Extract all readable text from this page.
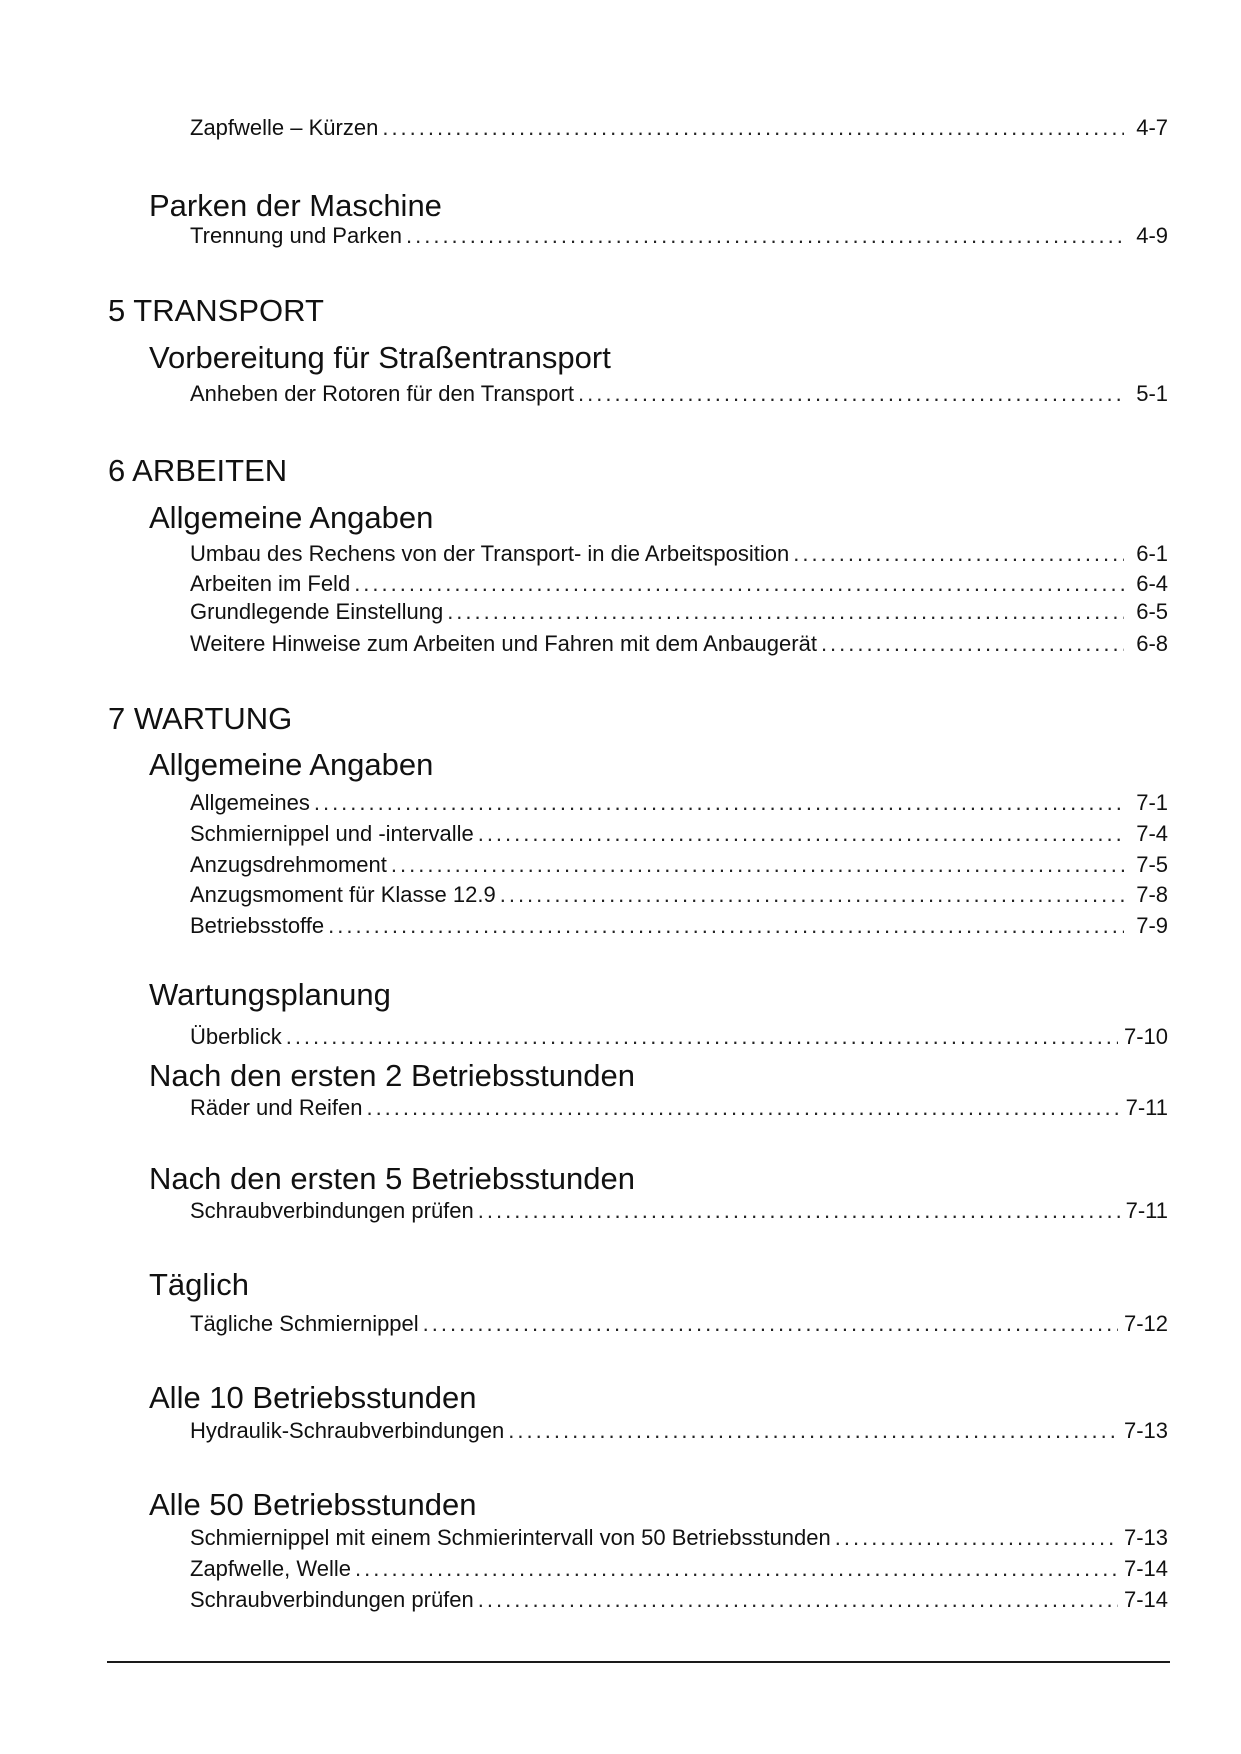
Zapfwelle – Kürzen .....	4-7
Parken der Maschine
Trennung und Parken .....	4-9
5 TRANSPORT
Vorbereitung für Straßentransport
Anheben der Rotoren für den Transport .....	5-1
6 ARBEITEN
Allgemeine Angaben
Umbau des Rechens von der Transport- in die Arbeitsposition .....	6-1
Arbeiten im Feld .....	6-4
Grundlegende Einstellung .....	6-5
Weitere Hinweise zum Arbeiten und Fahren mit dem Anbaugerät .....	6-8
7 WARTUNG
Allgemeine Angaben
Allgemeines .....	7-1
Schmiernippel und -intervalle .....	7-4
Anzugsdrehmoment .....	7-5
Anzugsmoment für Klasse 12.9 .....	7-8
Betriebsstoffe .....	7-9
Wartungsplanung
Überblick .....	7-10
Nach den ersten 2 Betriebsstunden
Räder und Reifen .....	7-11
Nach den ersten 5 Betriebsstunden
Schraubverbindungen prüfen .....	7-11
Täglich
Tägliche Schmiernippel .....	7-12
Alle 10 Betriebsstunden
Hydraulik-Schraubverbindungen .....	7-13
Alle 50 Betriebsstunden
Schmiernippel mit einem Schmierintervall von 50 Betriebsstunden .....	7-13
Zapfwelle, Welle .....	7-14
Schraubverbindungen prüfen .....	7-14
